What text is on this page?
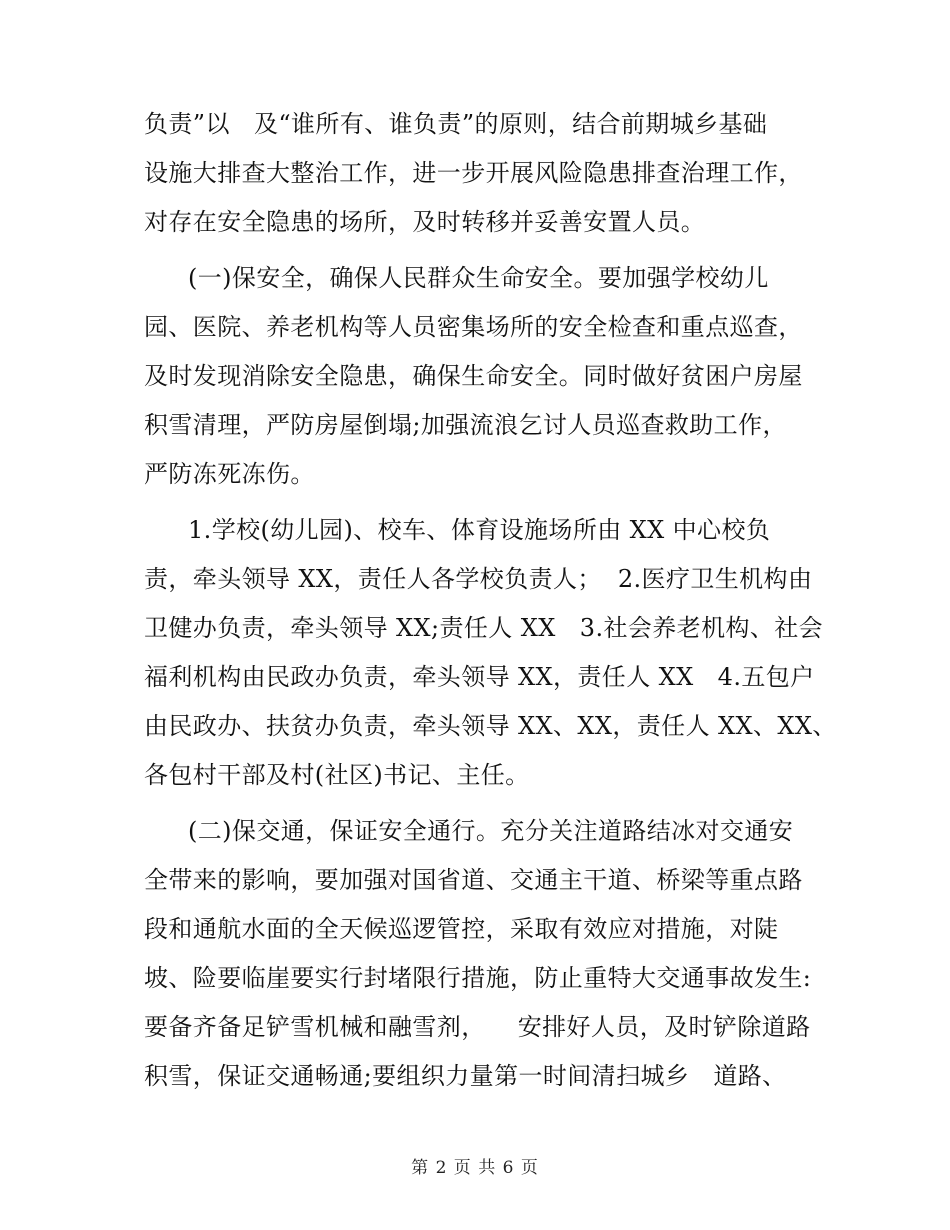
负责”以   及“谁所有、谁负责”的原则，结合前期城乡基础
设施大排查大整治工作，进一步开展风险隐患排查治理工作，
对存在安全隐患的场所，及时转移并妥善安置人员。
(一)保安全，确保人民群众生命安全。要加强学校幼儿
园、医院、养老机构等人员密集场所的安全检查和重点巡查，
及时发现消除安全隐患，确保生命安全。同时做好贫困户房屋
积雪清理，严防房屋倒塌;加强流浪乞讨人员巡查救助工作，
严防冻死冻伤。
1.学校(幼儿园)、校车、体育设施场所由 XX 中心校负
责，牵头领导 XX，责任人各学校负责人；  2.医疗卫生机构由
卫健办负责，牵头领导 XX;责任人 XX   3.社会养老机构、社会
福利机构由民政办负责，牵头领导 XX，责任人 XX   4.五包户
由民政办、扶贫办负责，牵头领导 XX、XX，责任人 XX、XX、
各包村干部及村(社区)书记、主任。
(二)保交通，保证安全通行。充分关注道路结冰对交通安
全带来的影响，要加强对国省道、交通主干道、桥梁等重点路
段和通航水面的全天候巡逻管控，采取有效应对措施，对陡
坡、险要临崖要实行封堵限行措施，防止重特大交通事故发生:
要备齐备足铲雪机械和融雪剂，    安排好人员，及时铲除道路
积雪，保证交通畅通;要组织力量第一时间清扫城乡   道路、
第 2 页 共 6 页
